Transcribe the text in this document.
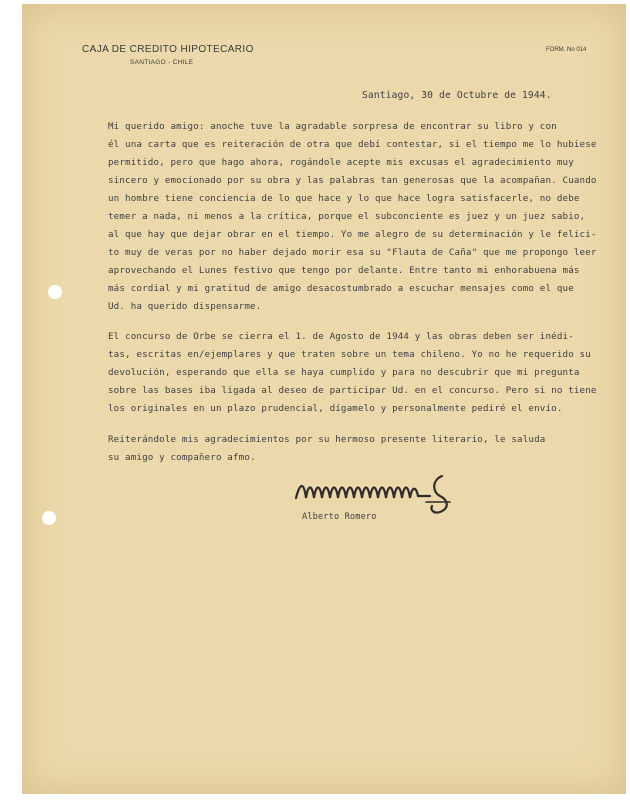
CAJA DE CREDITO HIPOTECARIO
SANTIAGO - CHILE
FORM. No 014
Santiago, 30 de Octubre de 1944.
Mi querido amigo: anoche tuve la agradable sorpresa de encontrar su libro y con
él una carta que es reiteración de otra que debí contestar, si el tiempo me lo hubiese
permitido, pero que hago ahora, rogándole acepte mis excusas el agradecimiento muy
sincero y emocionado por su obra y las palabras tan generosas que la acompañan. Cuando
un hombre tiene conciencia de lo que hace y lo que hace logra satisfacerle, no debe
temer a nada, ni menos a la crítica, porque el subconciente es juez y un juez sabio,
al que hay que dejar obrar en el tiempo. Yo me alegro de su determinación y le felici-
to muy de veras por no haber dejado morir esa su "Flauta de Caña" que me propongo leer
aprovechando el Lunes festivo que tengo por delante. Entre tanto mi enhorabuena más
más cordial y mi gratitud de amigo desacostumbrado a escuchar mensajes como el que
Ud. ha querido dispensarme.
El concurso de Orbe se cierra el 1. de Agosto de 1944 y las obras deben ser inédi-
tas, escritas en/ejemplares y que traten sobre un tema chileno. Yo no he requerido su
devolución, esperando que ella se haya cumplido y para no descubrir que mi pregunta
sobre las bases iba ligada al deseo de participar Ud. en el concurso. Pero si no tiene
los originales en un plazo prudencial, dígamelo y personalmente pediré el envío.
Reiterándole mis agradecimientos por su hermoso presente literario, le saluda
su amigo y compañero afmo.
Alberto Romero
